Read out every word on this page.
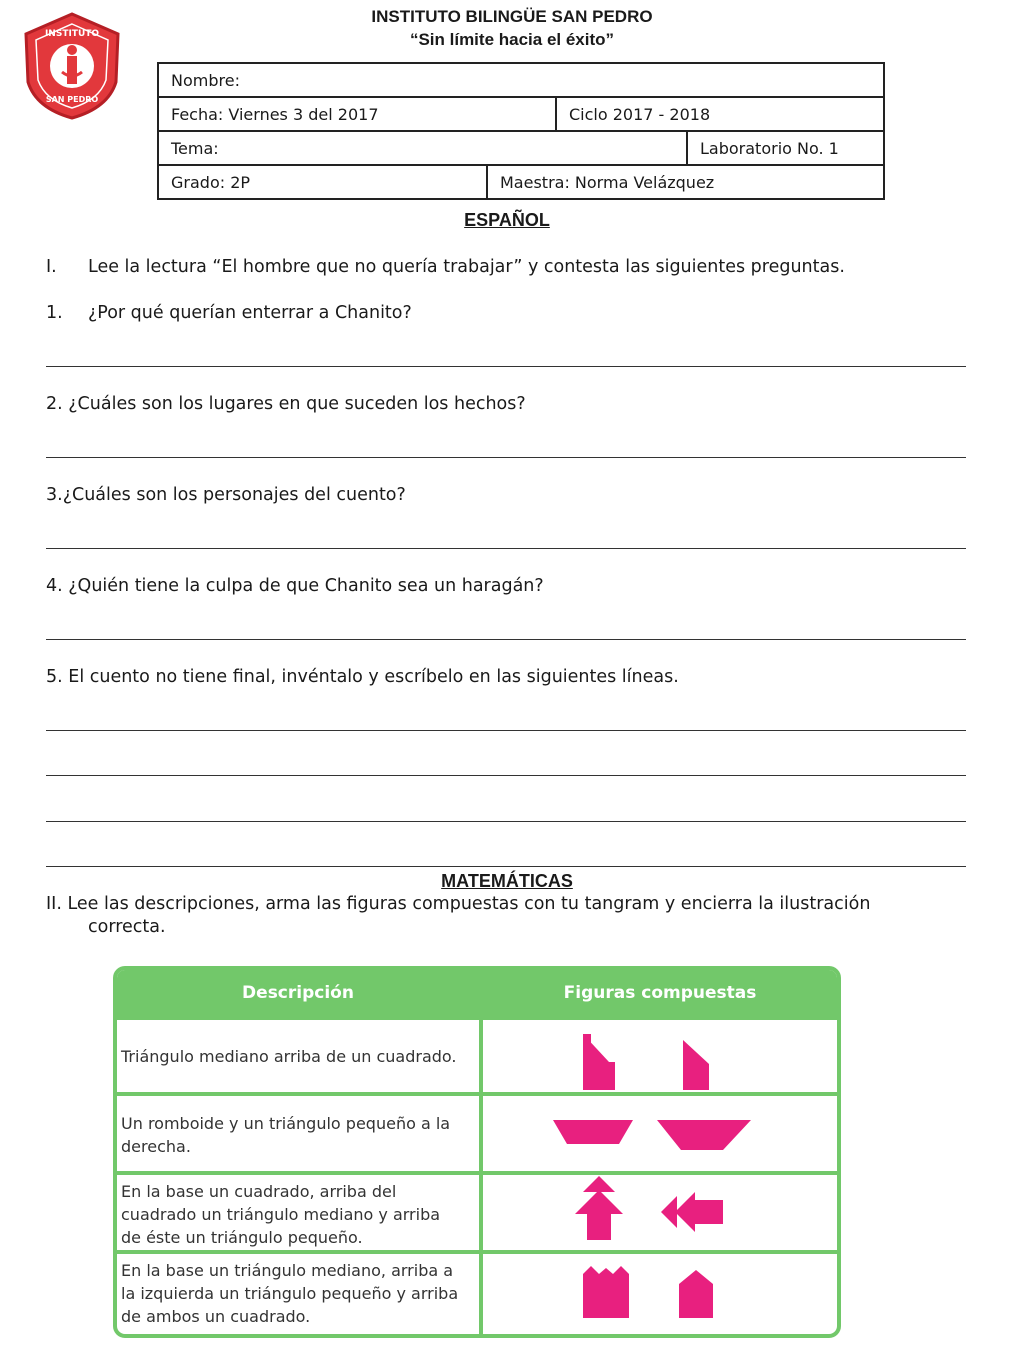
INSTITUTO
SAN PEDRO
INSTITUTO BILINGÜE SAN PEDRO
“Sin límite hacia el éxito”
Nombre:
Fecha: Viernes 3 del 2017	Ciclo 2017 - 2018
Tema:	Laboratorio No. 1
Grado: 2P	Maestra: Norma Velázquez
ESPAÑOL
I. Lee la lectura “El hombre que no quería trabajar” y contesta las siguientes preguntas.
1. ¿Por qué querían enterrar a Chanito?
2. ¿Cuáles son los lugares en que suceden los hechos?
3.¿Cuáles son los personajes del cuento?
4. ¿Quién tiene la culpa de que Chanito sea un haragán?
5. El cuento no tiene final, invéntalo y escríbelo en las siguientes líneas.
MATEMÁTICAS
II. Lee las descripciones, arma las figuras compuestas con tu tangram y encierra la ilustración
correcta.
Descripción	Figuras compuestas
Triángulo mediano arriba de un cuadrado.
Un romboide y un triángulo pequeño a la
derecha.
En la base un cuadrado, arriba del
cuadrado un triángulo mediano y arriba
de éste un triángulo pequeño.
En la base un triángulo mediano, arriba a
la izquierda un triángulo pequeño y arriba
de ambos un cuadrado.
